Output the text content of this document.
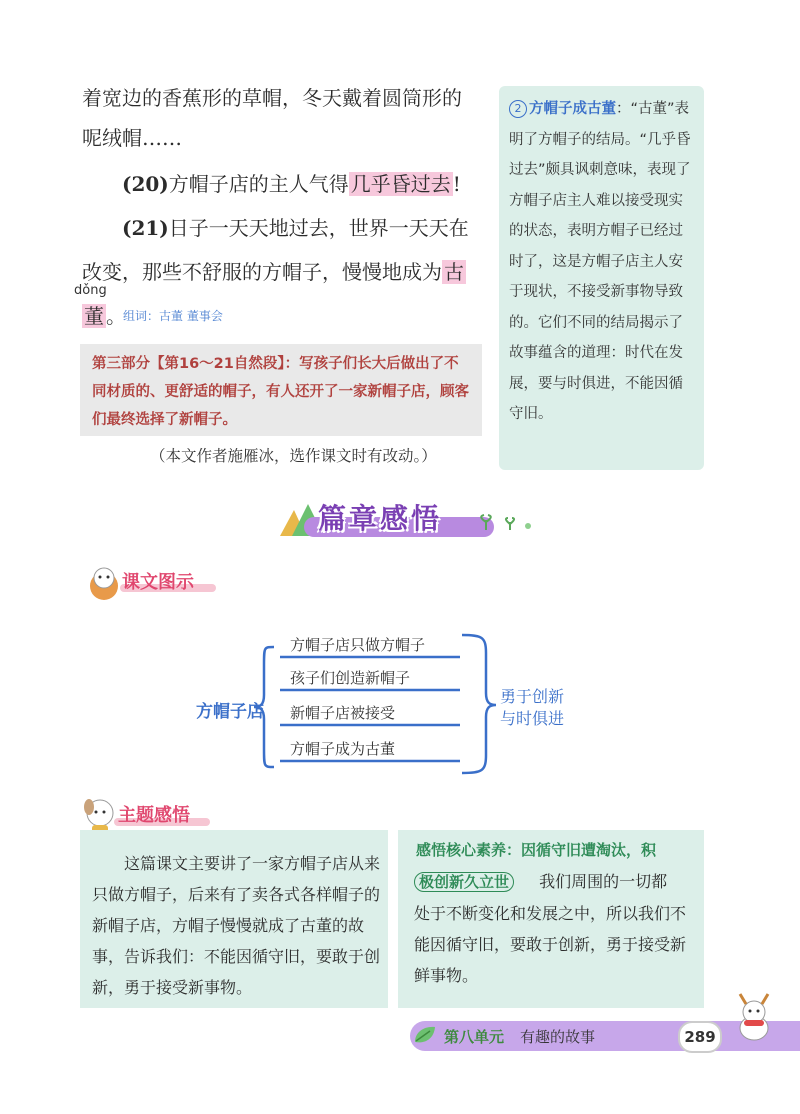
着宽边的香蕉形的草帽，冬天戴着圆筒形的

呢绒帽……

(20)方帽子店的主人气得 几乎昏过去 !

(21)日子一天天地过去，世界一天天在

改变，那些不舒服的方帽子，慢慢地成为 古

董 。

dǒng
组词：古董 董事会
第三部分【第16～21自然段】：写孩子们长大后做出了不同材质的、更舒适的帽子，有人还开了一家新帽子店，顾客们最终选择了新帽子。
（本文作者施雁冰，选作课文时有改动。）
2 方帽子成古董：“古董”表明了方帽子的结局。“几乎昏过去”颇具讽刺意味，表现了方帽子店主人难以接受现实的状态，表明方帽子已经过时了，这是方帽子店主人安于现状，不接受新事物导致的。它们不同的结局揭示了故事蕴含的道理：时代在发展，要与时俱进，不能因循守旧。
篇章感悟
课文图示
方帽子店
方帽子店只做方帽子
孩子们创造新帽子
新帽子店被接受
方帽子成为古董
勇于创新
与时俱进
主题感悟
这篇课文主要讲了一家方帽子店从来只做方帽子，后来有了卖各式各样帽子的新帽子店，方帽子慢慢就成了古董的故事，告诉我们：不能因循守旧，要敢于创新，勇于接受新事物。
感悟核心素养：因循守旧遭淘汰，积
极创新久立世 我们周围的一切都
处于不断变化和发展之中，所以我们不能因循守旧，要敢于创新，勇于接受新鲜事物。
第八单元 有趣的故事	289
